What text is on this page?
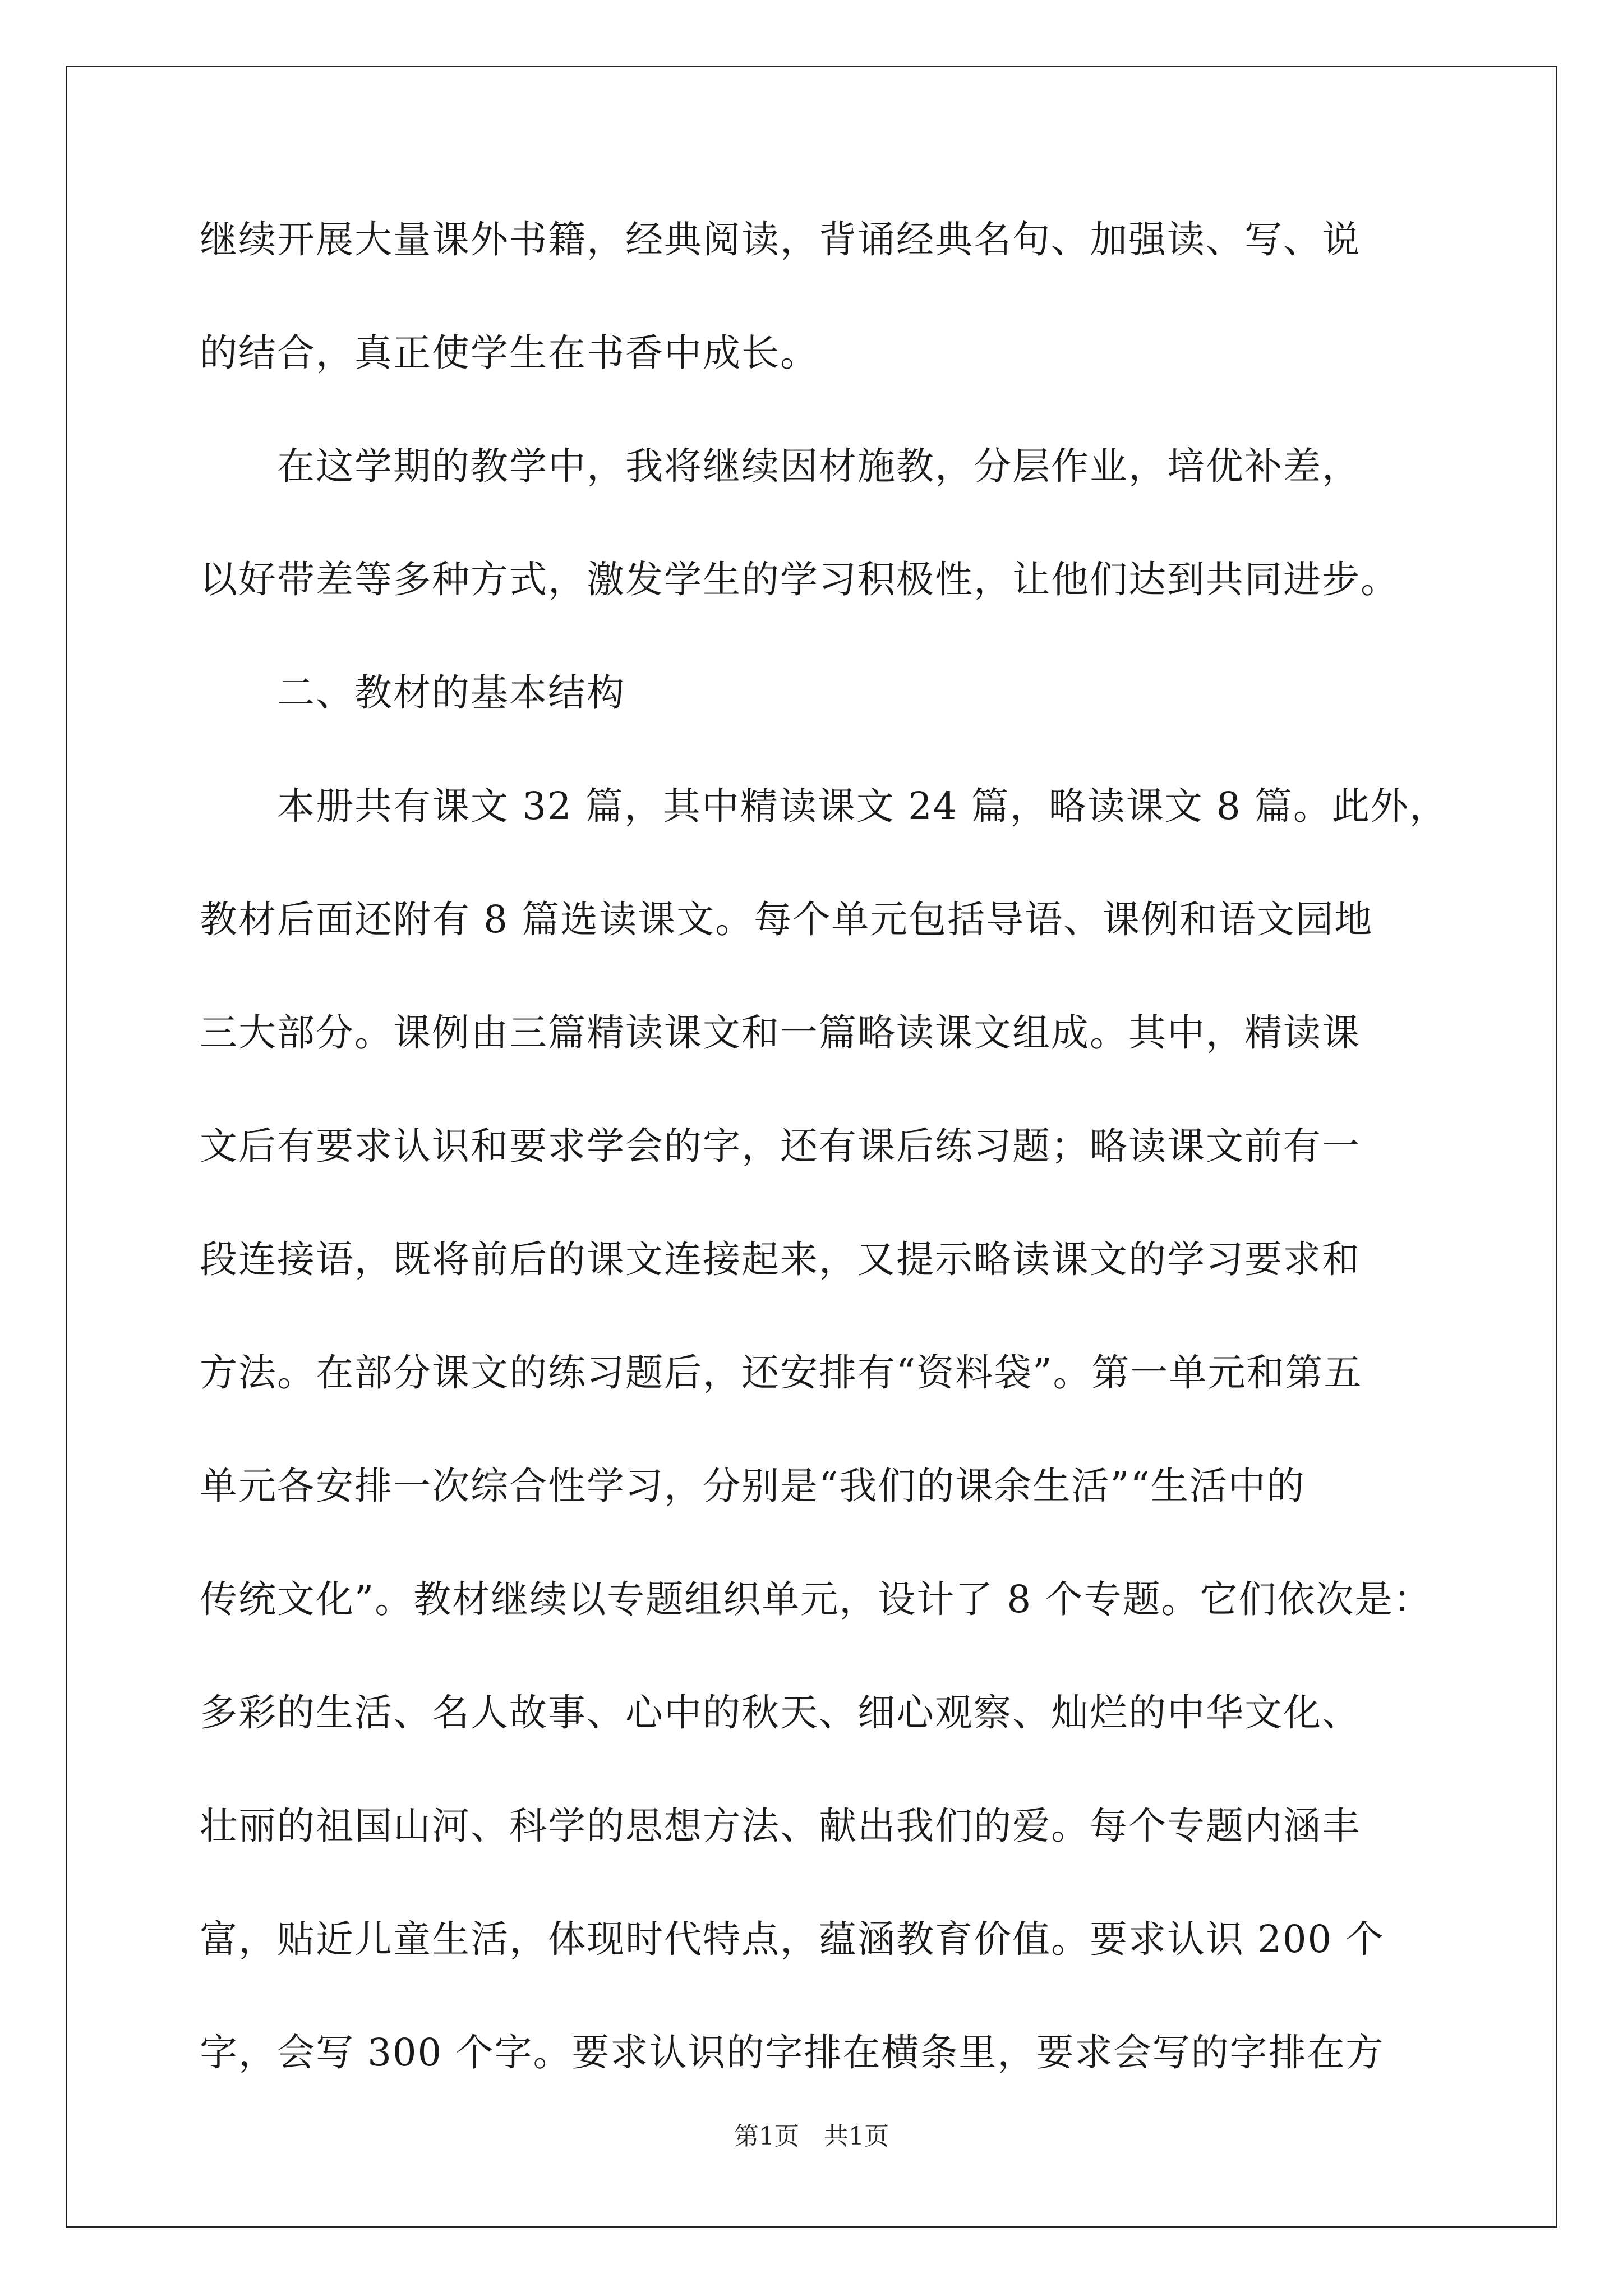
继续开展大量课外书籍，经典阅读，背诵经典名句、加强读、写、说
的结合，真正使学生在书香中成长。
　　在这学期的教学中，我将继续因材施教，分层作业，培优补差，
以好带差等多种方式，激发学生的学习积极性，让他们达到共同进步。
　　二、教材的基本结构
　　本册共有课文 32 篇，其中精读课文 24 篇，略读课文 8 篇。此外，
教材后面还附有 8 篇选读课文。每个单元包括导语、课例和语文园地
三大部分。课例由三篇精读课文和一篇略读课文组成。其中，精读课
文后有要求认识和要求学会的字，还有课后练习题；略读课文前有一
段连接语，既将前后的课文连接起来，又提示略读课文的学习要求和
方法。在部分课文的练习题后，还安排有“资料袋”。第一单元和第五
单元各安排一次综合性学习，分别是“我们的课余生活”“生活中的
传统文化”。教材继续以专题组织单元，设计了 8 个专题。它们依次是：
多彩的生活、名人故事、心中的秋天、细心观察、灿烂的中华文化、
壮丽的祖国山河、科学的思想方法、献出我们的爱。每个专题内涵丰
富，贴近儿童生活，体现时代特点，蕴涵教育价值。要求认识 200 个
字，会写 300 个字。要求认识的字排在横条里，要求会写的字排在方
第1页　共1页
